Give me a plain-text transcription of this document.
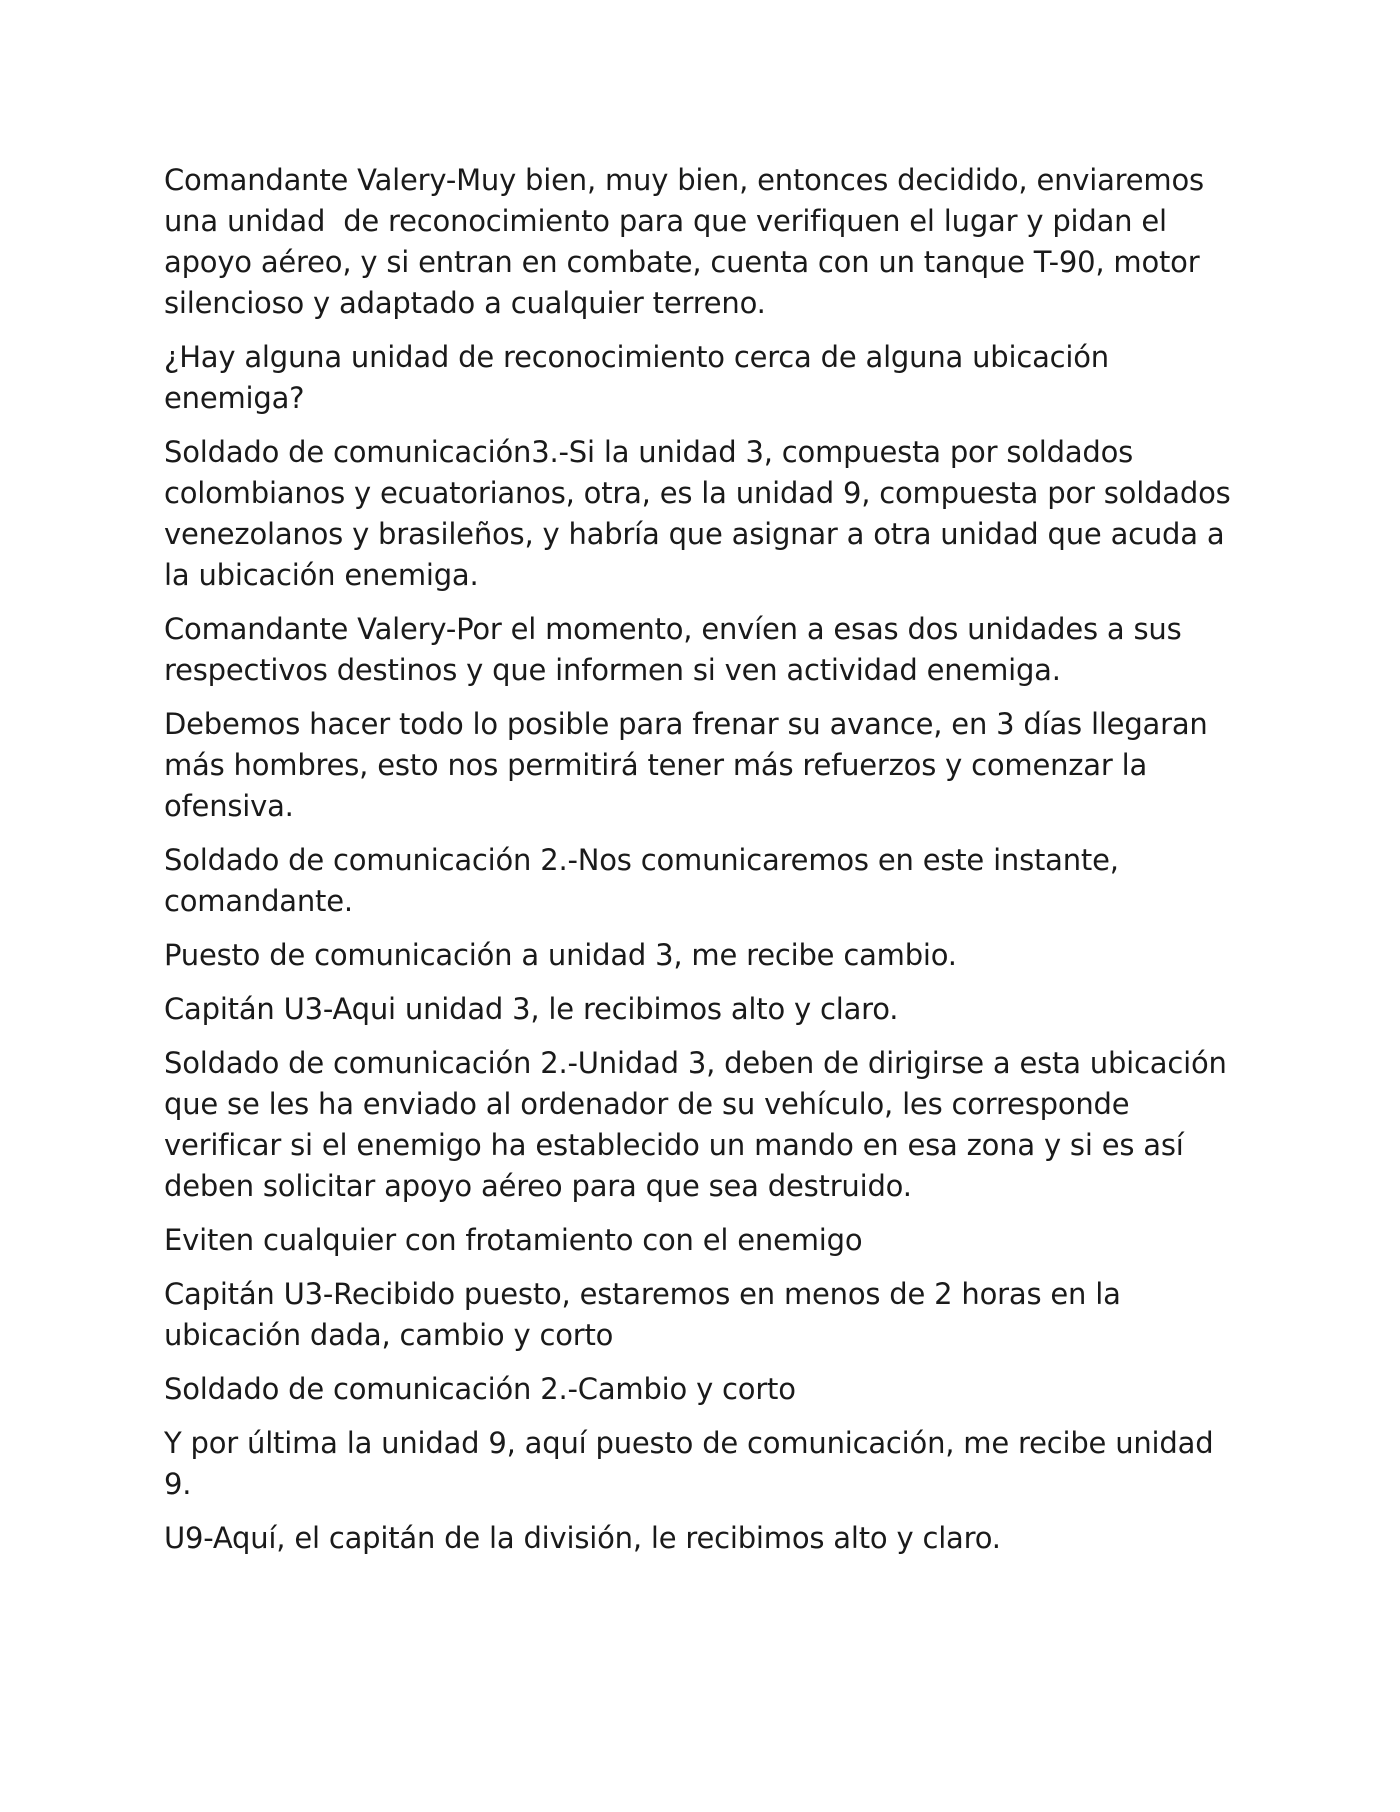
Comandante Valery-Muy bien, muy bien, entonces decidido, enviaremos una unidad  de reconocimiento para que verifiquen el lugar y pidan el apoyo aéreo, y si entran en combate, cuenta con un tanque T-90, motor silencioso y adaptado a cualquier terreno.

¿Hay alguna unidad de reconocimiento cerca de alguna ubicación enemiga?

Soldado de comunicación3.-Si la unidad 3, compuesta por soldados colombianos y ecuatorianos, otra, es la unidad 9, compuesta por soldados venezolanos y brasileños, y habría que asignar a otra unidad que acuda a la ubicación enemiga.

Comandante Valery-Por el momento, envíen a esas dos unidades a sus respectivos destinos y que informen si ven actividad enemiga.

Debemos hacer todo lo posible para frenar su avance, en 3 días llegaran más hombres, esto nos permitirá tener más refuerzos y comenzar la ofensiva.

Soldado de comunicación 2.-Nos comunicaremos en este instante, comandante.

Puesto de comunicación a unidad 3, me recibe cambio.

Capitán U3-Aqui unidad 3, le recibimos alto y claro.

Soldado de comunicación 2.-Unidad 3, deben de dirigirse a esta ubicación que se les ha enviado al ordenador de su vehículo, les corresponde verificar si el enemigo ha establecido un mando en esa zona y si es así deben solicitar apoyo aéreo para que sea destruido.

Eviten cualquier con frotamiento con el enemigo

Capitán U3-Recibido puesto, estaremos en menos de 2 horas en la ubicación dada, cambio y corto

Soldado de comunicación 2.-Cambio y corto

Y por última la unidad 9, aquí puesto de comunicación, me recibe unidad 9.

U9-Aquí, el capitán de la división, le recibimos alto y claro.
